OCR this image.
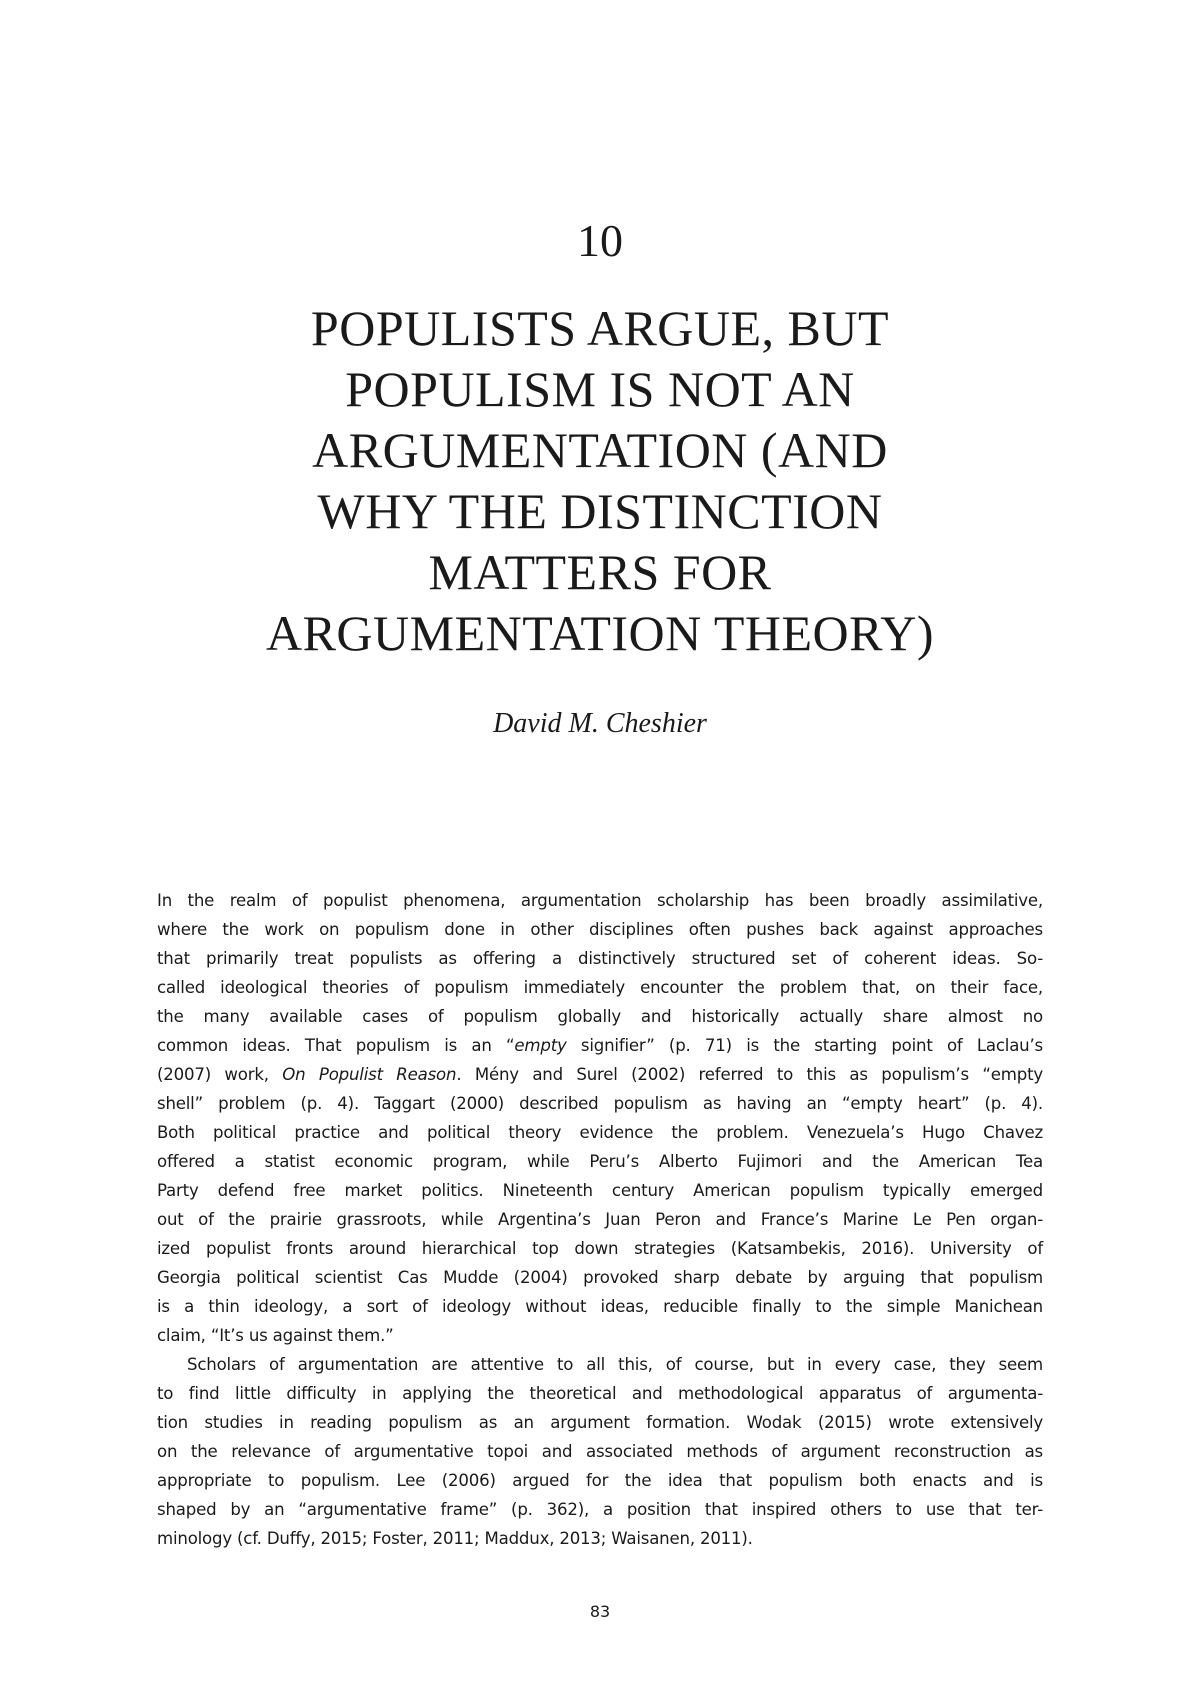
10
POPULISTS ARGUE, BUT
POPULISM IS NOT AN
ARGUMENTATION (AND
WHY THE DISTINCTION
MATTERS FOR
ARGUMENTATION THEORY)
David M. Cheshier
In the realm of populist phenomena, argumentation scholarship has been broadly assimilative,
where the work on populism done in other disciplines often pushes back against approaches
that primarily treat populists as offering a distinctively structured set of coherent ideas. So-
called ideological theories of populism immediately encounter the problem that, on their face,
the many available cases of populism globally and historically actually share almost no
common ideas. That populism is an “empty signifier” (p. 71) is the starting point of Laclau’s
(2007) work, On Populist Reason. Mény and Surel (2002) referred to this as populism’s “empty
shell” problem (p. 4). Taggart (2000) described populism as having an “empty heart” (p. 4).
Both political practice and political theory evidence the problem. Venezuela’s Hugo Chavez
offered a statist economic program, while Peru’s Alberto Fujimori and the American Tea
Party defend free market politics. Nineteenth century American populism typically emerged
out of the prairie grassroots, while Argentina’s Juan Peron and France’s Marine Le Pen organ-
ized populist fronts around hierarchical top down strategies (Katsambekis, 2016). University of
Georgia political scientist Cas Mudde (2004) provoked sharp debate by arguing that populism
is a thin ideology, a sort of ideology without ideas, reducible finally to the simple Manichean
claim, “It’s us against them.”
Scholars of argumentation are attentive to all this, of course, but in every case, they seem
to find little difficulty in applying the theoretical and methodological apparatus of argumenta-
tion studies in reading populism as an argument formation. Wodak (2015) wrote extensively
on the relevance of argumentative topoi and associated methods of argument reconstruction as
appropriate to populism. Lee (2006) argued for the idea that populism both enacts and is
shaped by an “argumentative frame” (p. 362), a position that inspired others to use that ter-
minology (cf. Duffy, 2015; Foster, 2011; Maddux, 2013; Waisanen, 2011).
83
